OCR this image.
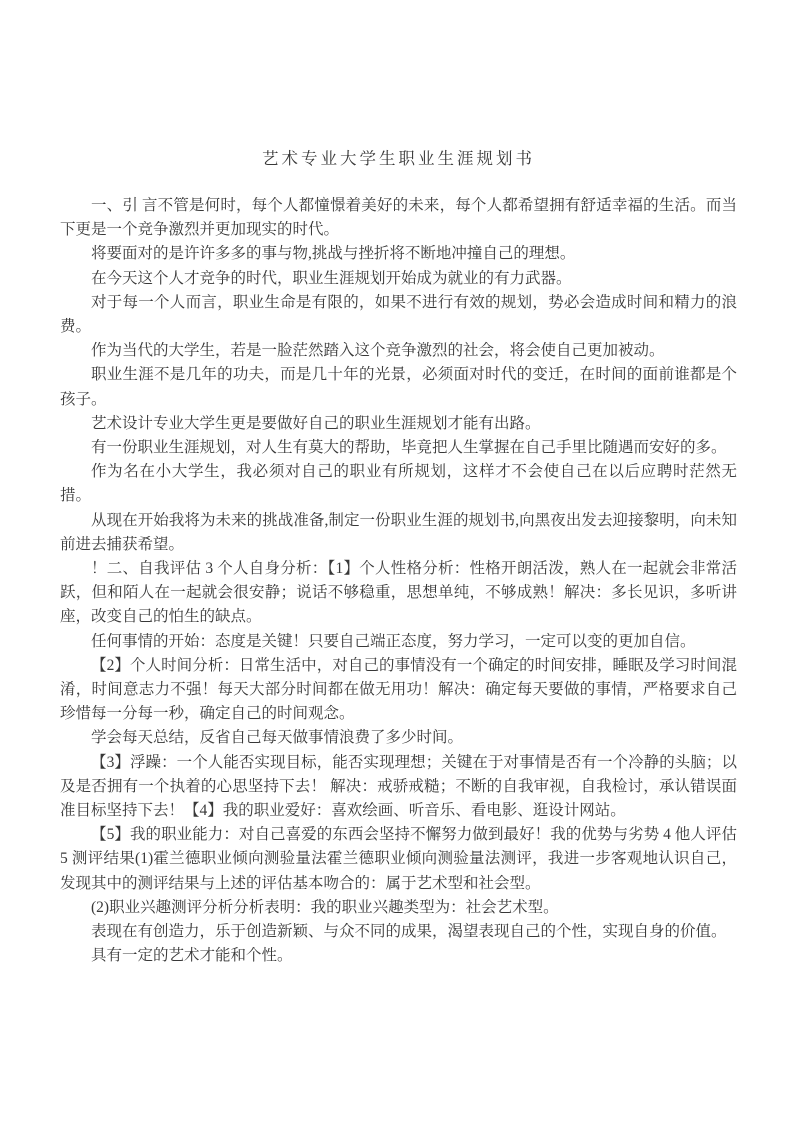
艺术专业大学生职业生涯规划书

一、引 言不管是何时，每个人都憧憬着美好的未来，每个人都希望拥有舒适幸福的生活。而当下更是一个竞争激烈并更加现实的时代。

将要面对的是许许多多的事与物,挑战与挫折将不断地冲撞自己的理想。

在今天这个人才竞争的时代，职业生涯规划开始成为就业的有力武器。

对于每一个人而言，职业生命是有限的，如果不进行有效的规划，势必会造成时间和精力的浪费。

作为当代的大学生，若是一脸茫然踏入这个竞争激烈的社会，将会使自己更加被动。

职业生涯不是几年的功夫，而是几十年的光景，必须面对时代的变迁，在时间的面前谁都是个孩子。

艺术设计专业大学生更是要做好自己的职业生涯规划才能有出路。

有一份职业生涯规划，对人生有莫大的帮助，毕竟把人生掌握在自己手里比随遇而安好的多。

作为名在小大学生，我必须对自己的职业有所规划，这样才不会使自己在以后应聘时茫然无措。

从现在开始我将为未来的挑战准备,制定一份职业生涯的规划书,向黑夜出发去迎接黎明，向未知前进去捕获希望。

！二、自我评估 3 个人自身分析：【1】个人性格分析：性格开朗活泼，熟人在一起就会非常活跃，但和陌人在一起就会很安静；说话不够稳重，思想单纯，不够成熟！解决：多长见识，多听讲座，改变自己的怕生的缺点。

任何事情的开始：态度是关键！只要自己端正态度，努力学习，一定可以变的更加自信。

【2】个人时间分析：日常生活中，对自己的事情没有一个确定的时间安排，睡眠及学习时间混淆，时间意志力不强！每天大部分时间都在做无用功！解决：确定每天要做的事情，严格要求自己珍惜每一分每一秒，确定自己的时间观念。

学会每天总结，反省自己每天做事情浪费了多少时间。

【3】浮躁：一个人能否实现目标，能否实现理想；关键在于对事情是否有一个冷静的头脑；以及是否拥有一个执着的心思坚持下去！ 解决：戒骄戒糙；不断的自我审视，自我检讨，承认错误面准目标坚持下去！【4】我的职业爱好：喜欢绘画、听音乐、看电影、逛设计网站。

【5】我的职业能力：对自己喜爱的东西会坚持不懈努力做到最好！我的优势与劣势 4 他人评估 5 测评结果(1)霍兰德职业倾向测验量法霍兰德职业倾向测验量法测评，我进一步客观地认识自己，发现其中的测评结果与上述的评估基本吻合的：属于艺术型和社会型。

(2)职业兴趣测评分析分析表明：我的职业兴趣类型为：社会艺术型。

表现在有创造力，乐于创造新颖、与众不同的成果，渴望表现自己的个性，实现自身的价值。

具有一定的艺术才能和个性。
